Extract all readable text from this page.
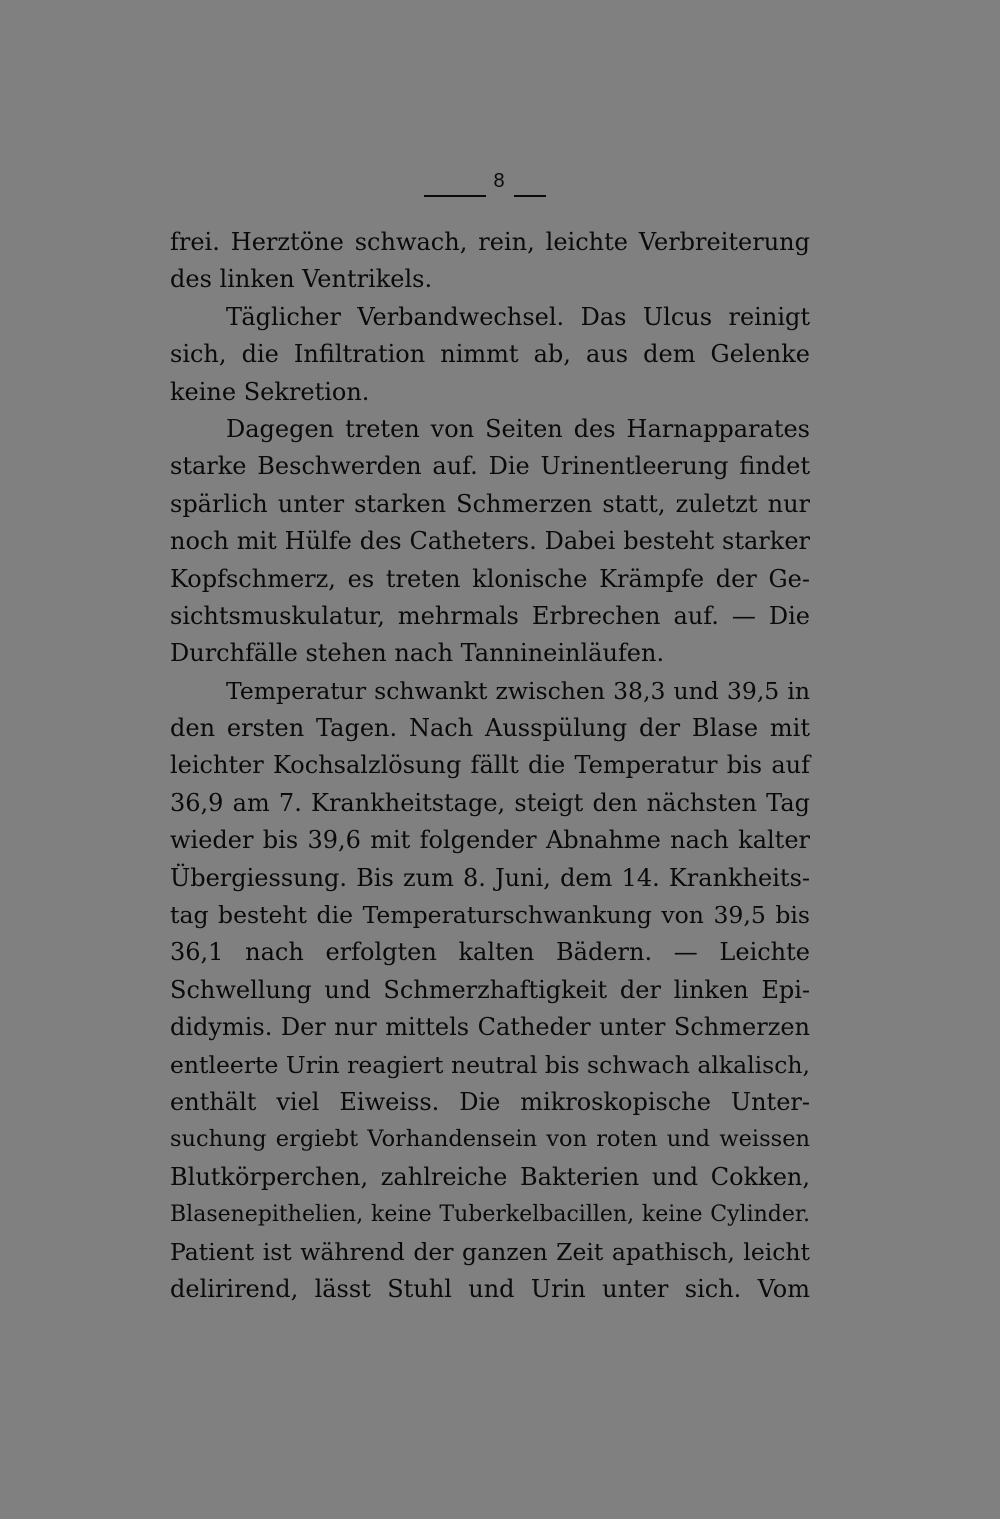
8
frei. Herztöne schwach, rein, leichte Verbreiterung
des linken Ventrikels.
Täglicher Verbandwechsel. Das Ulcus reinigt
sich, die Infiltration nimmt ab, aus dem Gelenke
keine Sekretion.
Dagegen treten von Seiten des Harnapparates
starke Beschwerden auf. Die Urinentleerung findet
spärlich unter starken Schmerzen statt, zuletzt nur
noch mit Hülfe des Catheters. Dabei besteht starker
Kopfschmerz, es treten klonische Krämpfe der Ge-
sichtsmuskulatur, mehrmals Erbrechen auf. — Die
Durchfälle stehen nach Tannineinläufen.
Temperatur schwankt zwischen 38,3 und 39,5 in
den ersten Tagen. Nach Ausspülung der Blase mit
leichter Kochsalzlösung fällt die Temperatur bis auf
36,9 am 7. Krankheitstage, steigt den nächsten Tag
wieder bis 39,6 mit folgender Abnahme nach kalter
Übergiessung. Bis zum 8. Juni, dem 14. Krankheits-
tag besteht die Temperaturschwankung von 39,5 bis
36,1 nach erfolgten kalten Bädern. — Leichte
Schwellung und Schmerzhaftigkeit der linken Epi-
didymis. Der nur mittels Catheder unter Schmerzen
entleerte Urin reagiert neutral bis schwach alkalisch,
enthält viel Eiweiss. Die mikroskopische Unter-
suchung ergiebt Vorhandensein von roten und weissen
Blutkörperchen, zahlreiche Bakterien und Cokken,
Blasenepithelien, keine Tuberkelbacillen, keine Cylinder.
Patient ist während der ganzen Zeit apathisch, leicht
delirirend, lässt Stuhl und Urin unter sich. Vom
